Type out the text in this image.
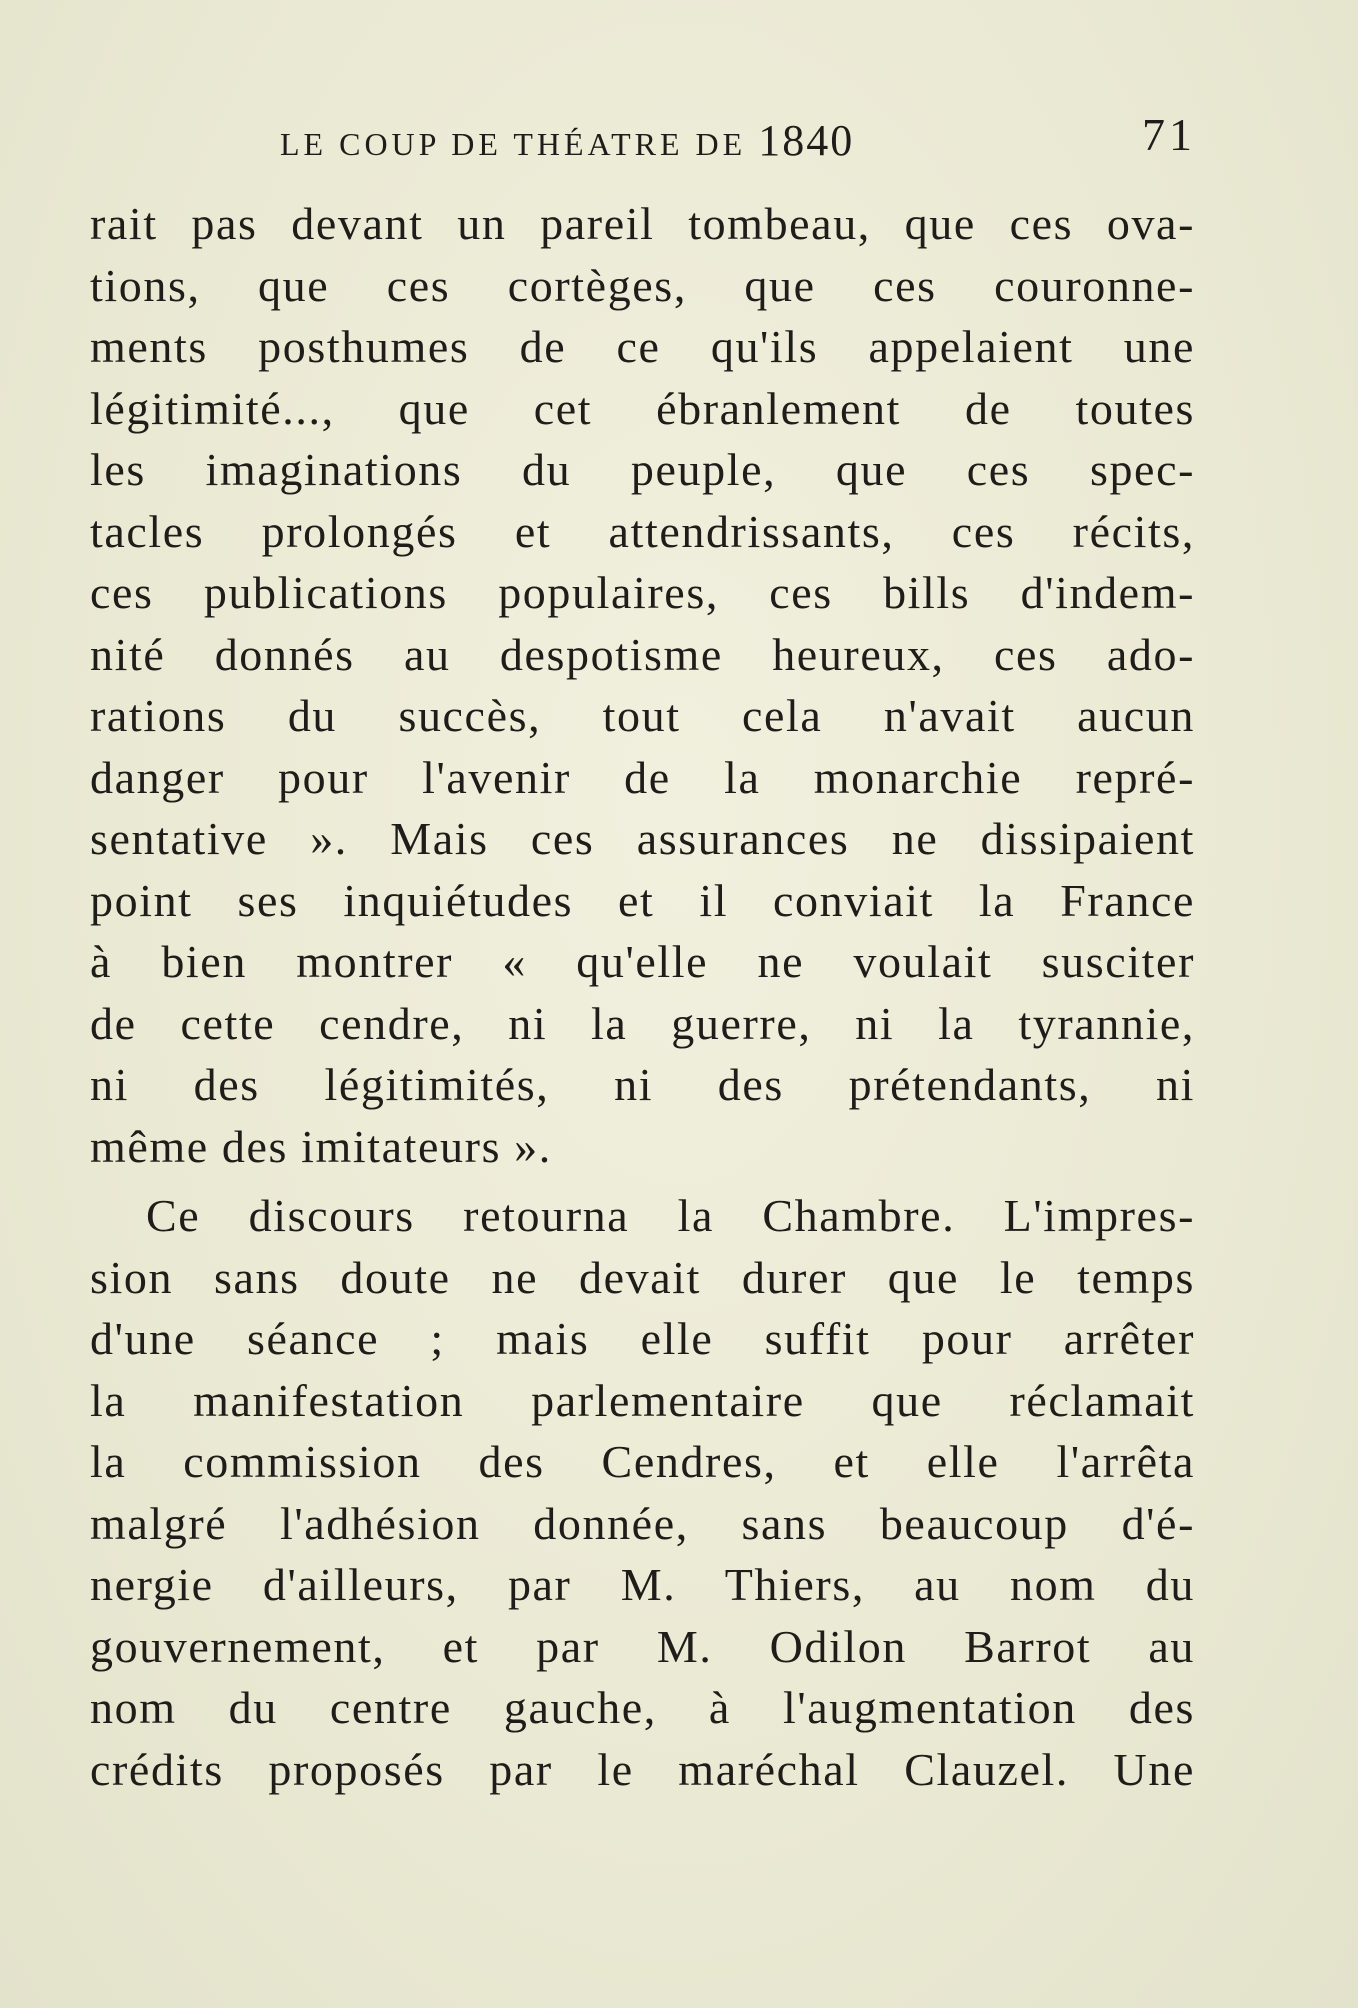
LE COUP DE THÉATRE DE 1840	71
rait pas devant un pareil tombeau, que ces ova-
tions, que ces cortèges, que ces couronne-
ments posthumes de ce qu'ils appelaient une
légitimité..., que cet ébranlement de toutes
les imaginations du peuple, que ces spec-
tacles prolongés et attendrissants, ces récits,
ces publications populaires, ces bills d'indem-
nité donnés au despotisme heureux, ces ado-
rations du succès, tout cela n'avait aucun
danger pour l'avenir de la monarchie repré-
sentative ». Mais ces assurances ne dissipaient
point ses inquiétudes et il conviait la France
à bien montrer « qu'elle ne voulait susciter
de cette cendre, ni la guerre, ni la tyrannie,
ni des légitimités, ni des prétendants, ni
même des imitateurs ».
Ce discours retourna la Chambre. L'impres-
sion sans doute ne devait durer que le temps
d'une séance ; mais elle suffit pour arrêter
la manifestation parlementaire que réclamait
la commission des Cendres, et elle l'arrêta
malgré l'adhésion donnée, sans beaucoup d'é-
nergie d'ailleurs, par M. Thiers, au nom du
gouvernement, et par M. Odilon Barrot au
nom du centre gauche, à l'augmentation des
crédits proposés par le maréchal Clauzel. Une
